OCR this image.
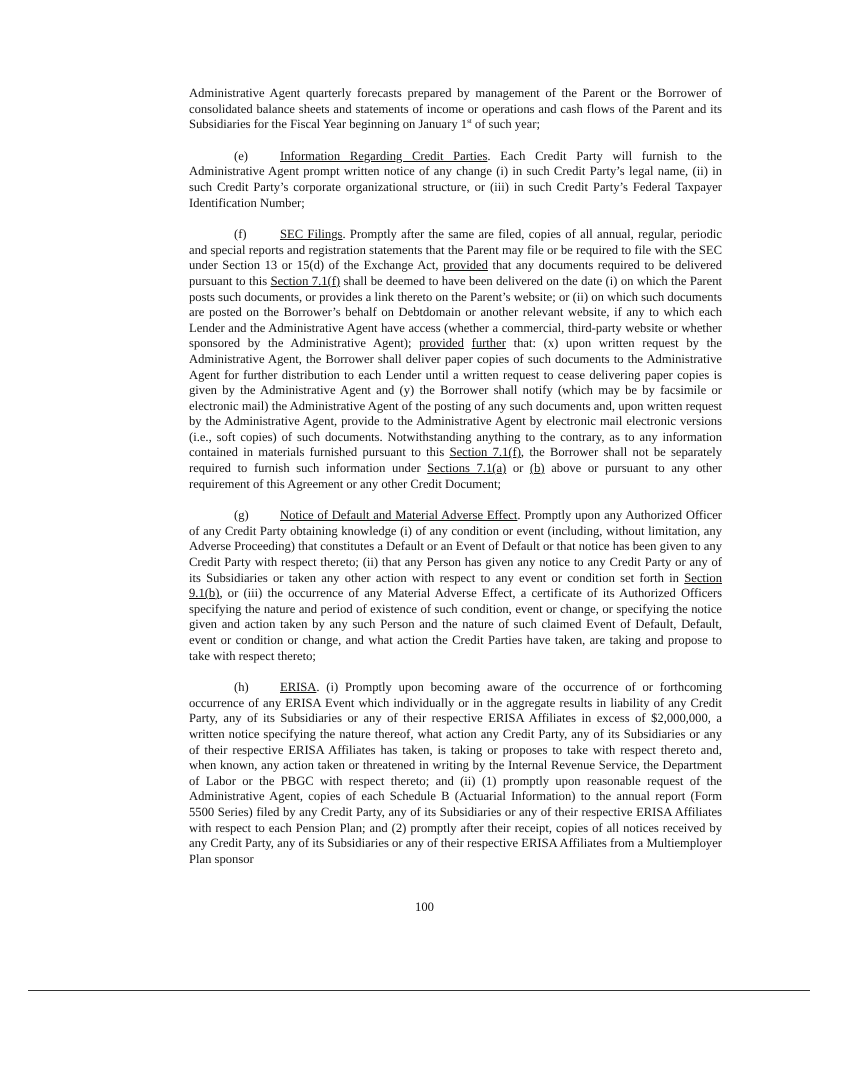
Administrative Agent quarterly forecasts prepared by management of the Parent or the Borrower of consolidated balance sheets and statements of income or operations and cash flows of the Parent and its Subsidiaries for the Fiscal Year beginning on January 1st of such year;

(e)	Information Regarding Credit Parties. Each Credit Party will furnish to the Administrative Agent prompt written notice of any change (i) in such Credit Party’s legal name, (ii) in such Credit Party’s corporate organizational structure, or (iii) in such Credit Party’s Federal Taxpayer Identification Number;

(f)	SEC Filings. Promptly after the same are filed, copies of all annual, regular, periodic and special reports and registration statements that the Parent may file or be required to file with the SEC under Section 13 or 15(d) of the Exchange Act, provided that any documents required to be delivered pursuant to this Section 7.1(f) shall be deemed to have been delivered on the date (i) on which the Parent posts such documents, or provides a link thereto on the Parent’s website; or (ii) on which such documents are posted on the Borrower’s behalf on Debtdomain or another relevant website, if any to which each Lender and the Administrative Agent have access (whether a commercial, third-party website or whether sponsored by the Administrative Agent); provided further that: (x) upon written request by the Administrative Agent, the Borrower shall deliver paper copies of such documents to the Administrative Agent for further distribution to each Lender until a written request to cease delivering paper copies is given by the Administrative Agent and (y) the Borrower shall notify (which may be by facsimile or electronic mail) the Administrative Agent of the posting of any such documents and, upon written request by the Administrative Agent, provide to the Administrative Agent by electronic mail electronic versions (i.e., soft copies) of such documents. Notwithstanding anything to the contrary, as to any information contained in materials furnished pursuant to this Section 7.1(f), the Borrower shall not be separately required to furnish such information under Sections 7.1(a) or (b) above or pursuant to any other requirement of this Agreement or any other Credit Document;

(g) Notice of Default and Material Adverse Effect. Promptly upon any Authorized Officer of any Credit Party obtaining knowledge (i) of any condition or event (including, without limitation, any Adverse Proceeding) that constitutes a Default or an Event of Default or that notice has been given to any Credit Party with respect thereto; (ii) that any Person has given any notice to any Credit Party or any of its Subsidiaries or taken any other action with respect to any event or condition set forth in Section 9.1(b), or (iii) the occurrence of any Material Adverse Effect, a certificate of its Authorized Officers specifying the nature and period of existence of such condition, event or change, or specifying the notice given and action taken by any such Person and the nature of such claimed Event of Default, Default, event or condition or change, and what action the Credit Parties have taken, are taking and propose to take with respect thereto;

(h) ERISA. (i) Promptly upon becoming aware of the occurrence of or forthcoming occurrence of any ERISA Event which individually or in the aggregate results in liability of any Credit Party, any of its Subsidiaries or any of their respective ERISA Affiliates in excess of $2,000,000, a written notice specifying the nature thereof, what action any Credit Party, any of its Subsidiaries or any of their respective ERISA Affiliates has taken, is taking or proposes to take with respect thereto and, when known, any action taken or threatened in writing by the Internal Revenue Service, the Department of Labor or the PBGC with respect thereto; and (ii) (1) promptly upon reasonable request of the Administrative Agent, copies of each Schedule B (Actuarial Information) to the annual report (Form 5500 Series) filed by any Credit Party, any of its Subsidiaries or any of their respective ERISA Affiliates with respect to each Pension Plan; and (2) promptly after their receipt, copies of all notices received by any Credit Party, any of its Subsidiaries or any of their respective ERISA Affiliates from a Multiemployer Plan sponsor

100
